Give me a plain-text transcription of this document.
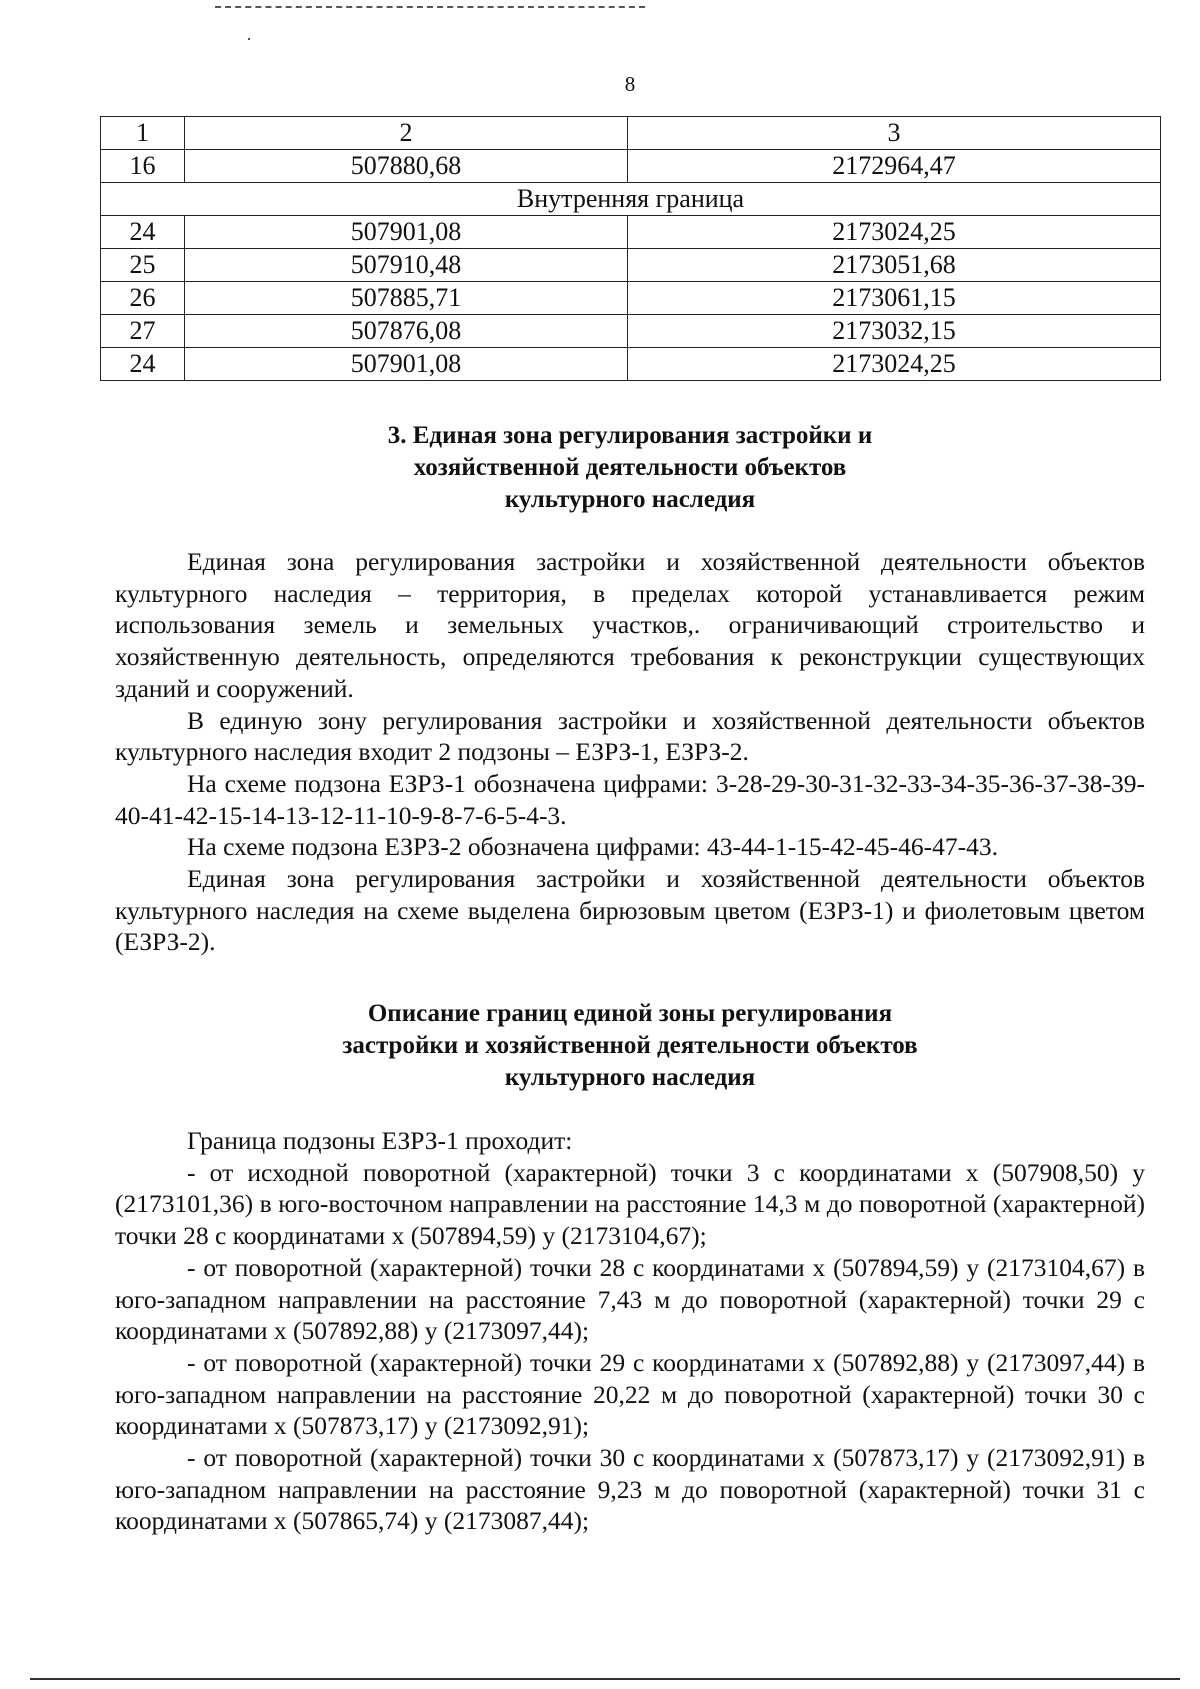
8
1	2	3
16	507880,68	2172964,47
Внутренняя граница		
24	507901,08	2173024,25
25	507910,48	2173051,68
26	507885,71	2173061,15
27	507876,08	2173032,15
24	507901,08	2173024,25
3. Единая зона регулирования застройки и
хозяйственной деятельности объектов
культурного наследия

Единая зона регулирования застройки и хозяйственной деятельности объектов культурного наследия – территория, в пределах которой устанавливается режим использования земель и земельных участков,. ограничивающий строительство и хозяйственную деятельность, определяются требования к реконструкции существующих зданий и сооружений.

В единую зону регулирования застройки и хозяйственной деятельности объектов культурного наследия входит 2 подзоны – ЕЗРЗ-1, ЕЗРЗ-2.

На схеме подзона ЕЗРЗ-1 обозначена цифрами: 3-28-29-30-31-32-33-34-35-36-37-38-39-40-41-42-15-14-13-12-11-10-9-8-7-6-5-4-3.

На схеме подзона ЕЗРЗ-2 обозначена цифрами: 43-44-1-15-42-45-46-47-43.

Единая зона регулирования застройки и хозяйственной деятельности объектов культурного наследия на схеме выделена бирюзовым цветом (ЕЗРЗ-1) и фиолетовым цветом (ЕЗРЗ-2).

Описание границ единой зоны регулирования
застройки и хозяйственной деятельности объектов
культурного наследия

Граница подзоны ЕЗРЗ-1 проходит:

- от исходной поворотной (характерной) точки 3 с координатами x (507908,50) у (2173101,36) в юго-восточном направлении на расстояние 14,3 м до поворотной (характерной) точки 28 с координатами x (507894,59) у (2173104,67);

- от поворотной (характерной) точки 28 с координатами x (507894,59) у (2173104,67) в юго-западном направлении на расстояние 7,43 м до поворотной (характерной) точки 29 с координатами x (507892,88) у (2173097,44);

- от поворотной (характерной) точки 29 с координатами x (507892,88) у (2173097,44) в юго-западном направлении на расстояние 20,22 м до поворотной (характерной) точки 30 с координатами x (507873,17) у (2173092,91);

- от поворотной (характерной) точки 30 с координатами x (507873,17) у (2173092,91) в юго-западном направлении на расстояние 9,23 м до поворотной (характерной) точки 31 с координатами x (507865,74) у (2173087,44);
